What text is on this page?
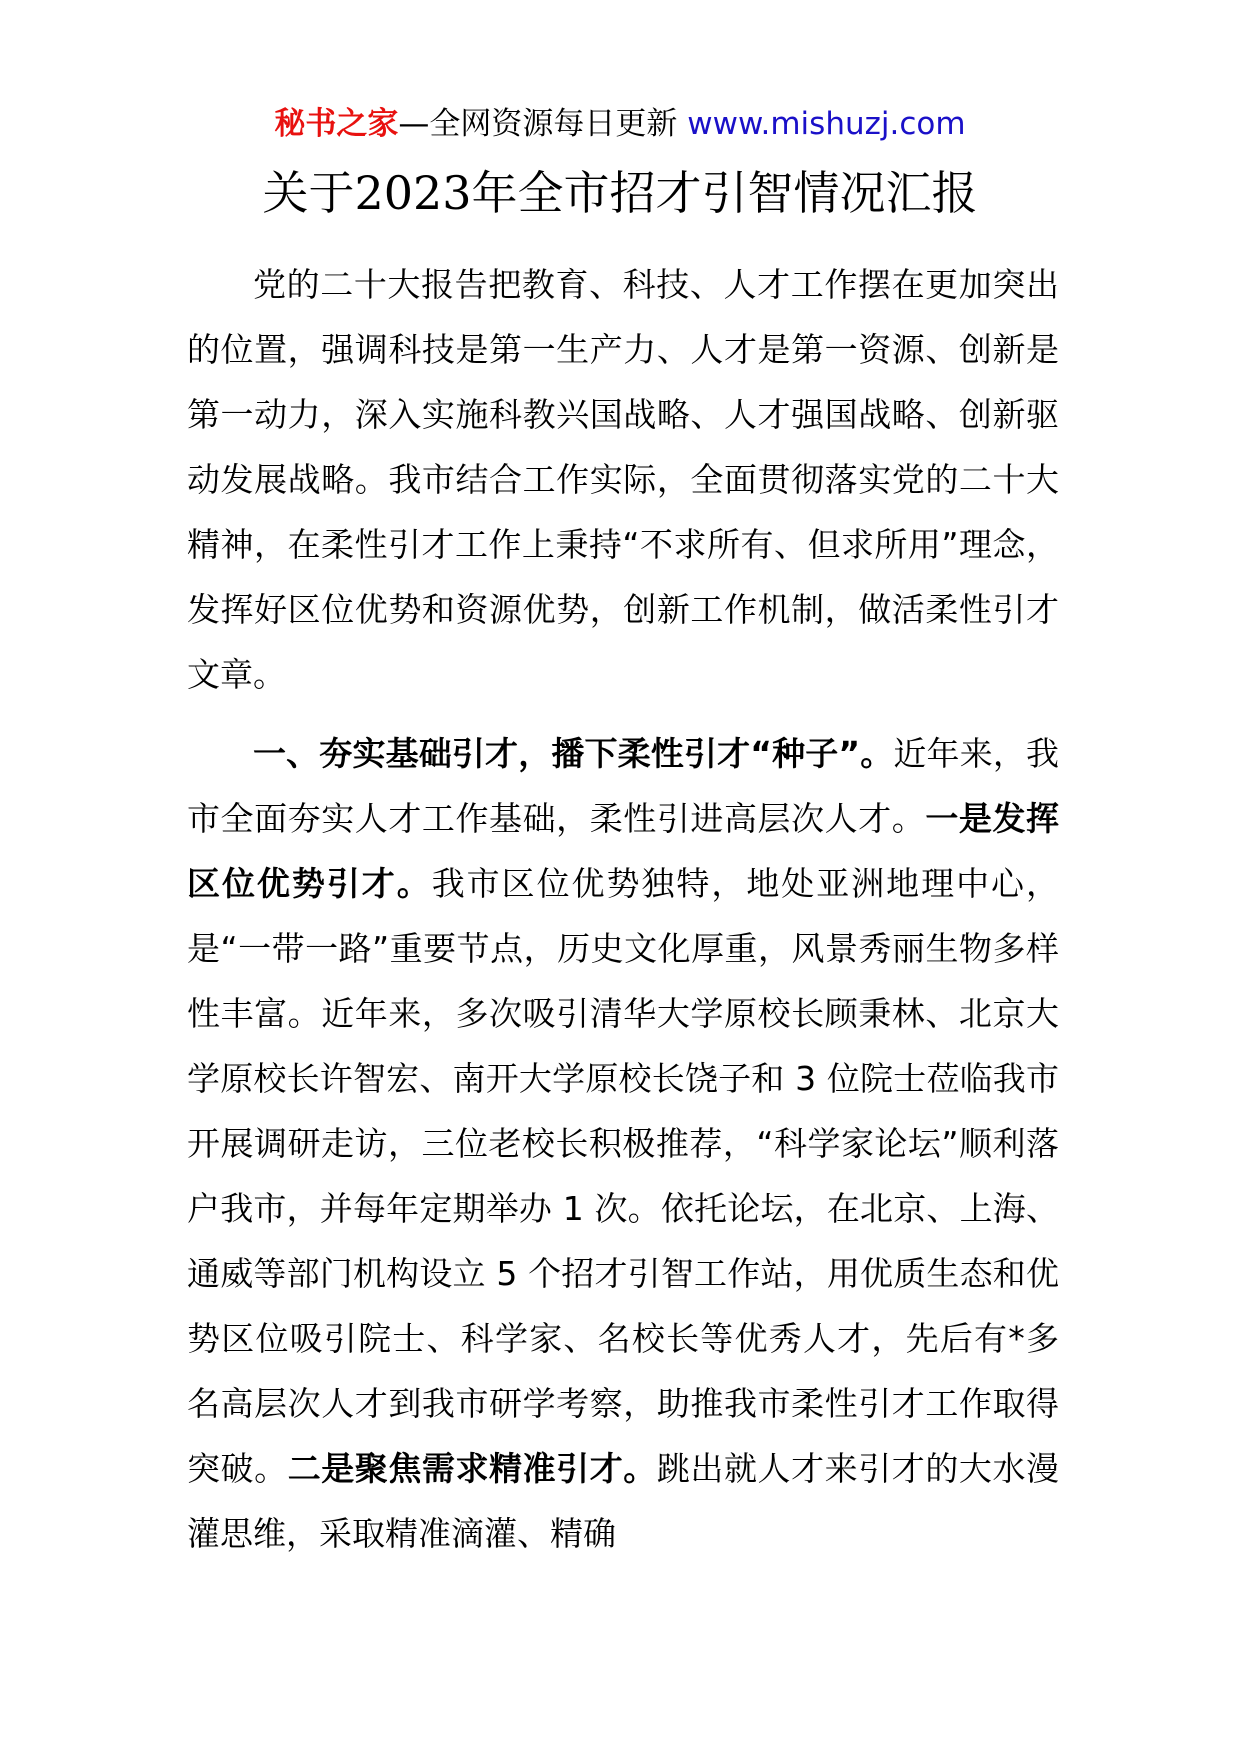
秘书之家—全网资源每日更新 www.mishuzj.com
关于2023年全市招才引智情况汇报

党的二十大报告把教育、科技、人才工作摆在更加突出的位置，强调科技是第一生产力、人才是第一资源、创新是第一动力，深入实施科教兴国战略、人才强国战略、创新驱动发展战略。我市结合工作实际，全面贯彻落实党的二十大精神，在柔性引才工作上秉持“不求所有、但求所用”理念，发挥好区位优势和资源优势，创新工作机制，做活柔性引才文章。

一、夯实基础引才，播下柔性引才“种子”。近年来，我市全面夯实人才工作基础，柔性引进高层次人才。一是发挥区位优势引才。我市区位优势独特，地处亚洲地理中心，是“一带一路”重要节点，历史文化厚重，风景秀丽生物多样性丰富。近年来，多次吸引清华大学原校长顾秉林、北京大学原校长许智宏、南开大学原校长饶子和 3 位院士莅临我市开展调研走访，三位老校长积极推荐，“科学家论坛”顺利落户我市，并每年定期举办 1 次。依托论坛，在北京、上海、通威等部门机构设立 5 个招才引智工作站，用优质生态和优势区位吸引院士、科学家、名校长等优秀人才，先后有*多名高层次人才到我市研学考察，助推我市柔性引才工作取得突破。二是聚焦需求精准引才。跳出就人才来引才的大水漫灌思维，采取精准滴灌、精确
